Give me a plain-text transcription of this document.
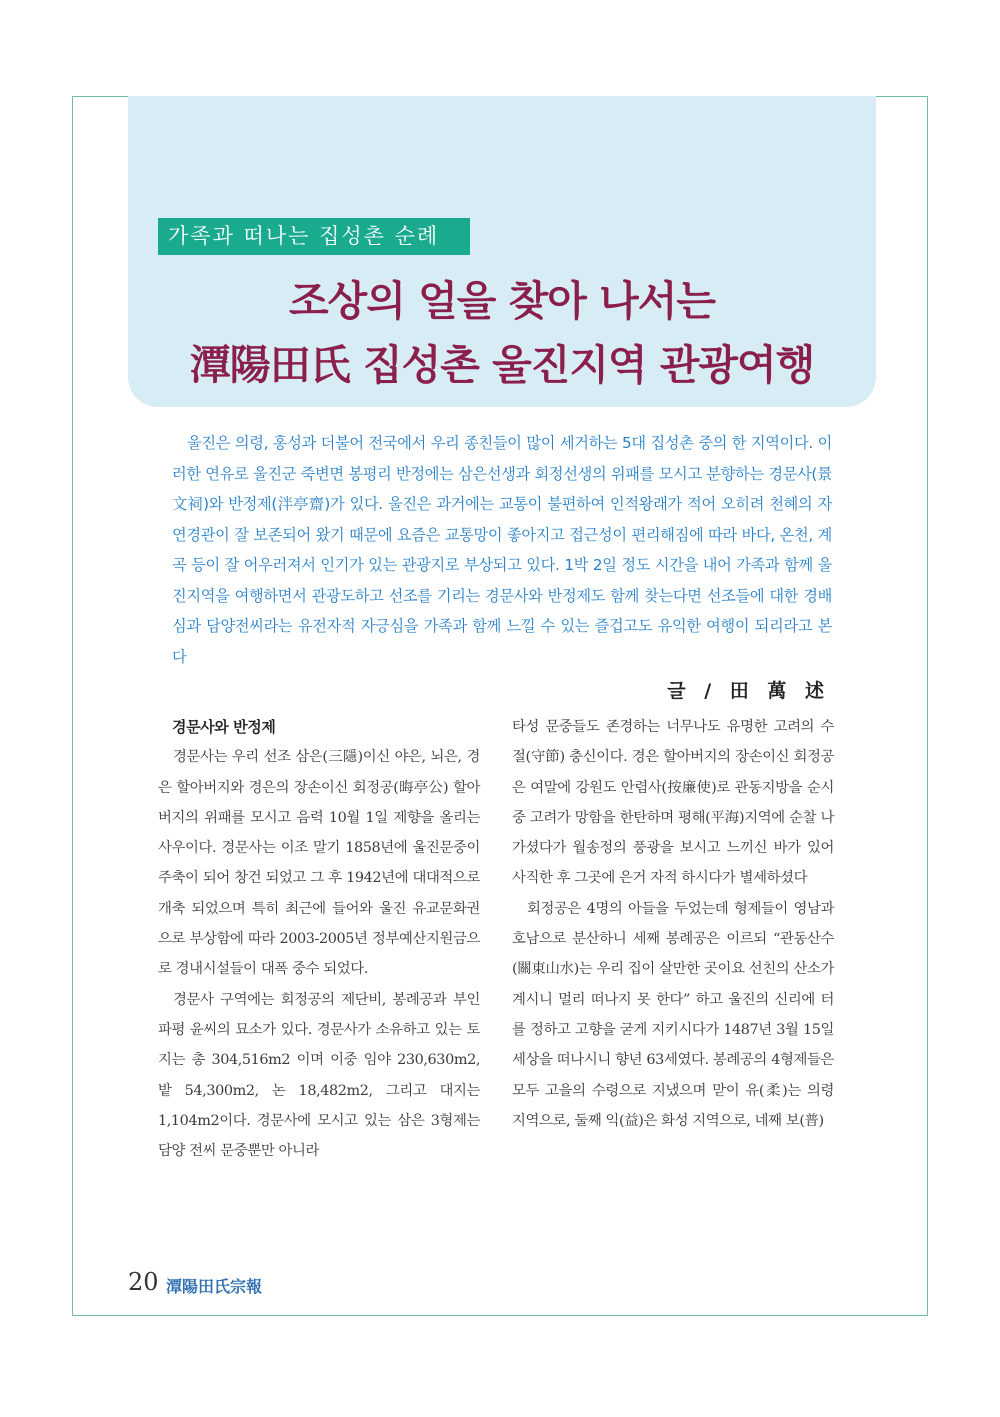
가족과 떠나는 집성촌 순례
조상의 얼을 찾아 나서는
潭陽田氏 집성촌 울진지역 관광여행
울진은 의령, 홍성과 더불어 전국에서 우리 종친들이 많이 세거하는 5대 집성촌 중의 한 지역이다. 이러한 연유로 울진군 죽변면 봉평리 반정에는 삼은선생과 회정선생의 위패를 모시고 분향하는 경문사(景文祠)와 반정제(泮亭齋)가 있다. 울진은 과거에는 교통이 불편하여 인적왕래가 적어 오히려 천혜의 자연경관이 잘 보존되어 왔기 때문에 요즘은 교통망이 좋아지고 접근성이 편리해짐에 따라 바다, 온천, 계곡 등이 잘 어우러져서 인기가 있는 관광지로 부상되고 있다. 1박 2일 정도 시간을 내어 가족과 함께 울진지역을 여행하면서 관광도하고 선조를 기리는 경문사와 반정제도 함께 찾는다면 선조들에 대한 경배심과 담양전씨라는 유전자적 자긍심을 가족과 함께 느낄 수 있는 즐겁고도 유익한 여행이 되리라고 본다
글 / 田 萬 述
경문사와 반정제

경문사는 우리 선조 삼은(三隱)이신 야은, 뇌은, 경은 할아버지와 경은의 장손이신 회정공(晦亭公) 할아버지의 위패를 모시고 음력 10월 1일 제향을 올리는 사우이다. 경문사는 이조 말기 1858년에 울진문중이 주축이 되어 창건 되었고 그 후 1942년에 대대적으로 개축 되었으며 특히 최근에 들어와 울진 유교문화권으로 부상함에 따라 2003-2005년 정부예산지원금으로 경내시설들이 대폭 중수 되었다.

경문사 구역에는 회정공의 제단비, 봉례공과 부인 파평 윤씨의 묘소가 있다. 경문사가 소유하고 있는 토지는 총 304,516m2 이며 이중 임야 230,630m2, 밭 54,300m2, 논 18,482m2, 그리고 대지는 1,104m2이다. 경문사에 모시고 있는 삼은 3형제는 담양 전씨 문중뿐만 아니라

타성 문중들도 존경하는 너무나도 유명한 고려의 수절(守節) 충신이다. 경은 할아버지의 장손이신 회정공은 여말에 강원도 안렴사(按廉使)로 관동지방을 순시 중 고려가 망함을 한탄하며 평해(平海)지역에 순찰 나가셨다가 월송정의 풍광을 보시고 느끼신 바가 있어 사직한 후 그곳에 은거 자적 하시다가 별세하셨다

회정공은 4명의 아들을 두었는데 형제들이 영남과 호남으로 분산하니 세째 봉례공은 이르되 “관동산수(關東山水)는 우리 집이 살만한 곳이요 선친의 산소가 계시니 멀리 떠나지 못 한다” 하고 울진의 신리에 터를 정하고 고향을 굳게 지키시다가 1487년 3월 15일 세상을 떠나시니 향년 63세였다. 봉례공의 4형제들은 모두 고을의 수령으로 지냈으며 맏이 유(柔)는 의령 지역으로, 둘째 익(益)은 화성 지역으로, 네째 보(普)

20 潭陽田氏宗報
